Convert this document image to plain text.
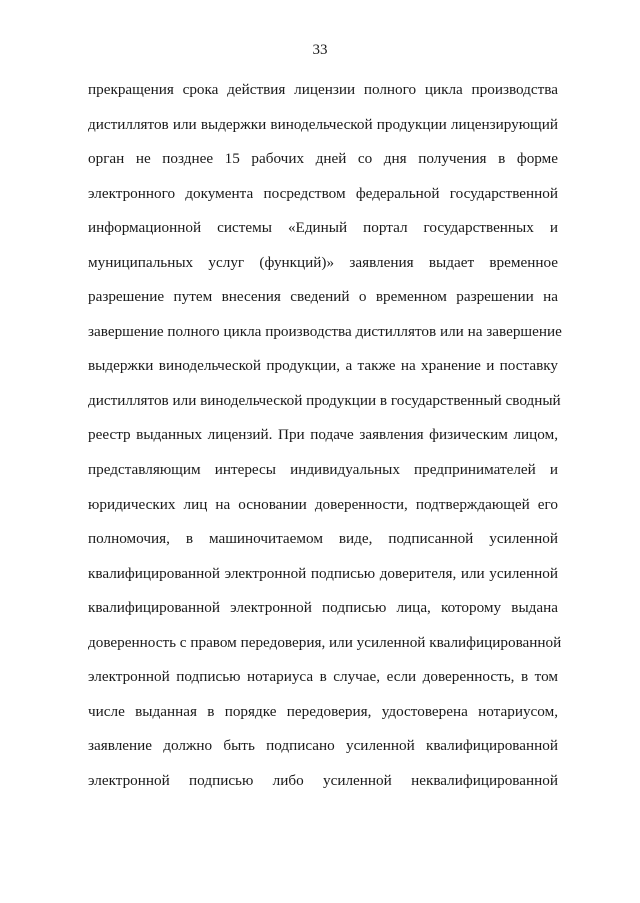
33
прекращения срока действия лицензии полного цикла производства
дистиллятов или выдержки винодельческой продукции лицензирующий
орган не позднее 15 рабочих дней со дня получения в форме
электронного документа посредством федеральной государственной
информационной системы «Единый портал государственных и
муниципальных услуг (функций)» заявления выдает временное
разрешение путем внесения сведений о временном разрешении на
завершение полного цикла производства дистиллятов или на завершение
выдержки винодельческой продукции, а также на хранение и поставку
дистиллятов или винодельческой продукции в государственный сводный
реестр выданных лицензий. При подаче заявления физическим лицом,
представляющим интересы индивидуальных предпринимателей и
юридических лиц на основании доверенности, подтверждающей его
полномочия, в машиночитаемом виде, подписанной усиленной
квалифицированной электронной подписью доверителя, или усиленной
квалифицированной электронной подписью лица, которому выдана
доверенность с правом передоверия, или усиленной квалифицированной
электронной подписью нотариуса в случае, если доверенность, в том
числе выданная в порядке передоверия, удостоверена нотариусом,
заявление должно быть подписано усиленной квалифицированной
электронной подписью либо усиленной неквалифицированной
